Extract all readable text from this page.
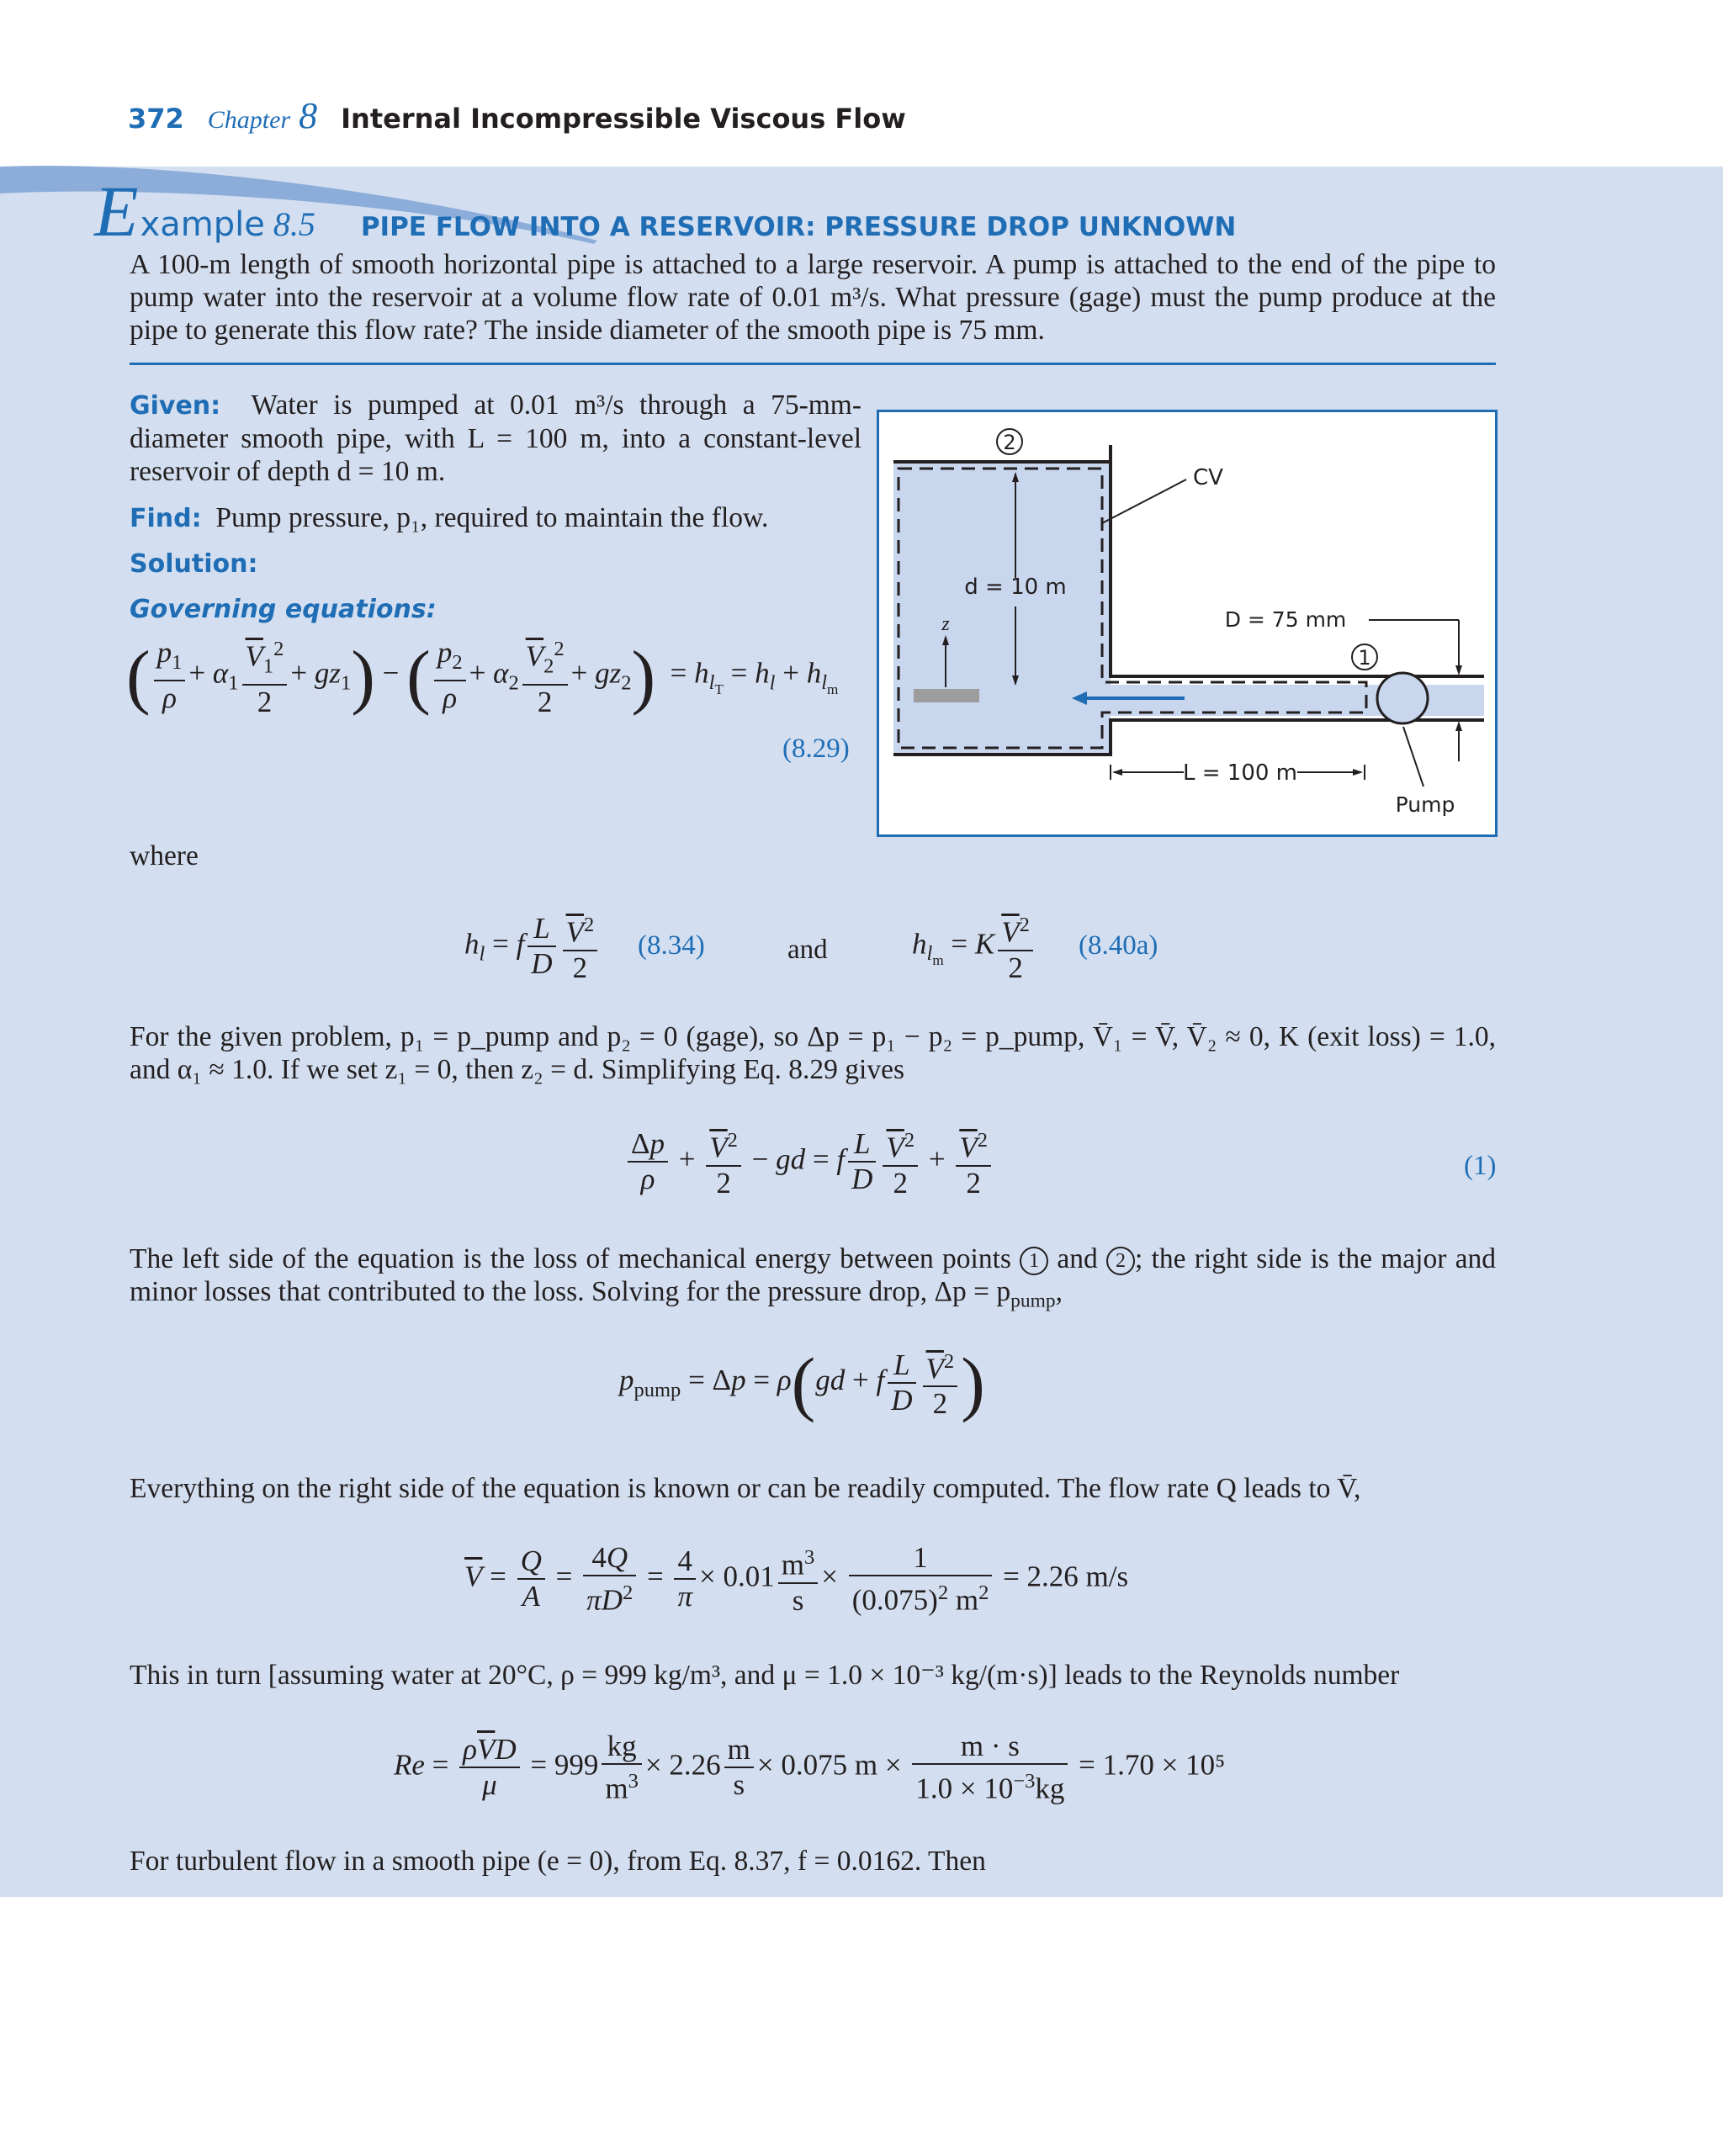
372 Chapter 8 Internal Incompressible Viscous Flow
E xample 8.5 PIPE FLOW INTO A RESERVOIR: PRESSURE DROP UNKNOWN
A 100-m length of smooth horizontal pipe is attached to a large reservoir. A pump is attached to the end of the pipe to pump water into the reservoir at a volume flow rate of 0.01 m³/s. What pressure (gage) must the pump produce at the pipe to generate this flow rate? The inside diameter of the smooth pipe is 75 mm.
Given: Water is pumped at 0.01 m³/s through a 75-mm-diameter smooth pipe, with L = 100 m, into a constant-level reservoir of depth d = 10 m.
Find: Pump pressure, p₁, required to maintain the flow.
Solution:
Governing equations:
( $\frac{p_1}{\rho} + \alpha_1 \frac{\overline{V}_1^2}{2} + gz_1$) − ( $\frac{p_2}{\rho} + \alpha_2 \frac{\overline{V}_2^2}{2} + gz_2) = h_{l_T} = h_l + h_{l_m}$
(8.29)
2
CV
d = 10 m
z	D = 75 mm
1
L = 100 m
Pump
where
$h_l = f \frac{L}{D} \frac{\overline{V}^2}{2} (8.34)$	and	$h_{l_m} = K \frac{\overline{V}^2}{2} (8.40a)$
For the given problem, p₁ = p_pump and p₂ = 0 (gage), so Δp = p₁ − p₂ = p_pump, V̄₁ = V̄, V̄₂ ≈ 0, K (exit loss) = 1.0, and α₁ ≈ 1.0. If we set z₁ = 0, then z₂ = d. Simplifying Eq. 8.29 gives
$\frac{\Delta p}{\rho} + \frac{\overline{V}^2}{2}$ − gd = f $\frac{L}{D} \frac{\overline{V}^2}{2} + \frac{\overline{V}^2}{2}$	(1)
The left side of the equation is the loss of mechanical energy between points 1 and 2 ; the right side is the major and minor losses that contributed to the loss. Solving for the pressure drop, $\Delta p = p_{pump}$,
$p_{pump} = \Delta p = \rho(gd + f \frac{L}{D} \frac{\overline{V}^2}{2}$ )
Everything on the right side of the equation is known or can be readily computed. The flow rate Q leads to V̄,
$\overline{V} = \frac{Q}{A} = \frac{4Q}{\pi D^2} = \frac{4}{\pi} \times 0.01 \frac{m^3}{s} \times \frac{1}{(0.075)^2 m^2} = 2.26$ m/s
This in turn [assuming water at 20°C, ρ = 999 kg/m³, and μ = 1.0 × 10⁻³ kg/(m·s)] leads to the Reynolds number
$Re = \frac{\rho\overline{V}D}{\mu} = 999 \frac{kg}{m^3} \times 2.26 \frac{m}{s} \times 0.075$ $m \times \frac{m \cdot s}{1.0 \times 10^{-3}kg} = 1.70 \times 10^5$
For turbulent flow in a smooth pipe (e = 0), from Eq. 8.37, f = 0.0162. Then
